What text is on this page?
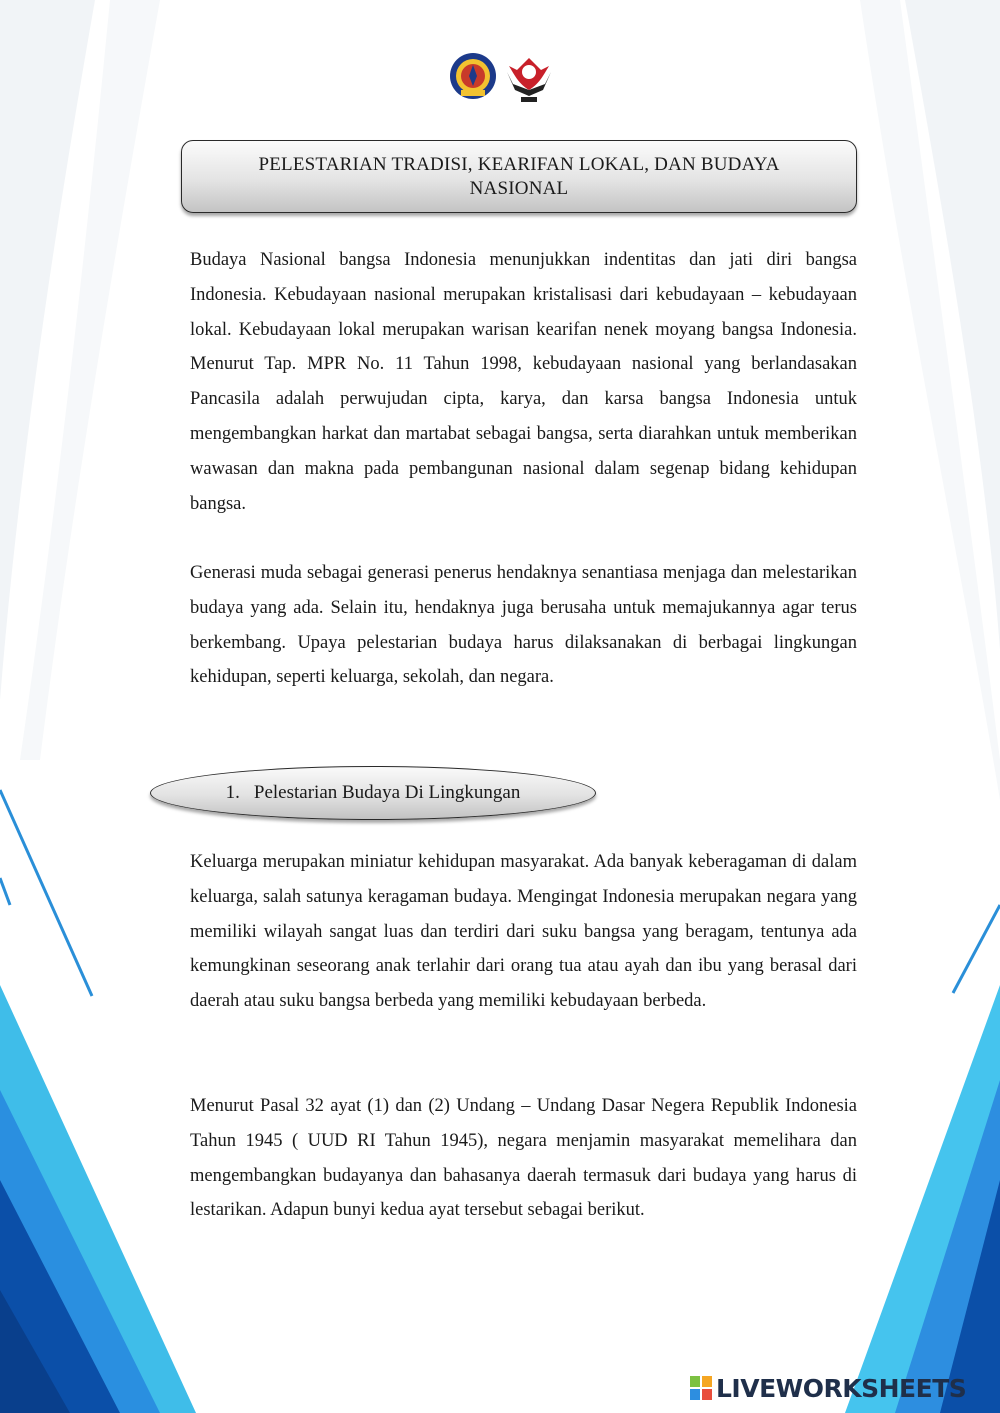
PELESTARIAN TRADISI, KEARIFAN LOKAL, DAN BUDAYA NASIONAL
Budaya Nasional bangsa Indonesia menunjukkan indentitas dan jati diri bangsa Indonesia. Kebudayaan nasional merupakan kristalisasi dari kebudayaan – kebudayaan lokal. Kebudayaan lokal merupakan warisan kearifan nenek moyang bangsa Indonesia. Menurut Tap. MPR No. 11 Tahun 1998, kebudayaan nasional yang berlandasakan Pancasila adalah perwujudan cipta, karya, dan karsa bangsa Indonesia untuk mengembangkan harkat dan martabat sebagai bangsa, serta diarahkan untuk memberikan wawasan dan makna pada pembangunan nasional dalam segenap bidang kehidupan bangsa.
Generasi muda sebagai generasi penerus hendaknya senantiasa menjaga dan melestarikan budaya yang ada. Selain itu, hendaknya juga berusaha untuk memajukannya agar terus berkembang. Upaya pelestarian budaya harus dilaksanakan di berbagai lingkungan kehidupan, seperti keluarga, sekolah, dan negara.
1. Pelestarian Budaya Di Lingkungan
Keluarga merupakan miniatur kehidupan masyarakat. Ada banyak keberagaman di dalam keluarga, salah satunya keragaman budaya. Mengingat Indonesia merupakan negara yang memiliki wilayah sangat luas dan terdiri dari suku bangsa yang beragam, tentunya ada kemungkinan seseorang anak terlahir dari orang tua atau ayah dan ibu yang berasal dari daerah atau suku bangsa berbeda yang memiliki kebudayaan berbeda.
Menurut Pasal 32 ayat (1) dan (2) Undang – Undang Dasar Negera Republik Indonesia Tahun 1945 ( UUD RI Tahun 1945), negara menjamin masyarakat memelihara dan mengembangkan budayanya dan bahasanya daerah termasuk dari budaya yang harus di lestarikan. Adapun bunyi kedua ayat tersebut sebagai berikut.
LIVEWORKSHEETS
